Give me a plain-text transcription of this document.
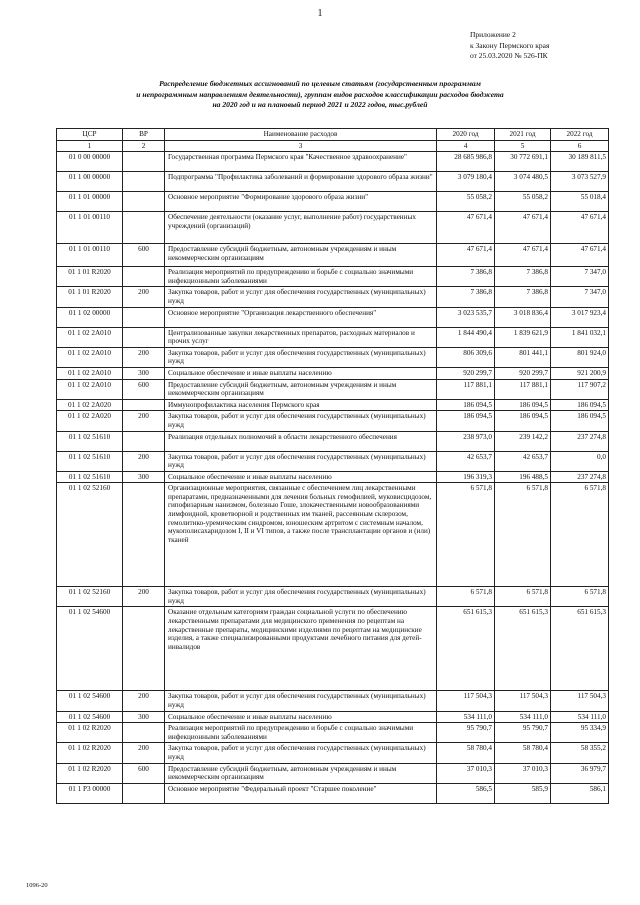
1
Приложение 2
к Закону Пермского края
от 25.03.2020 № 526-ПК
Распределение бюджетных ассигнований по целевым статьям (государственным программам
и непрограммным направлениям деятельности), группам видов расходов классификации расходов бюджета
на 2020 год и на плановый период 2021 и 2022 годов, тыс.рублей
ЦСР	ВР	Наименование расходов	2020 год	2021 год	2022 год
1	2	3	4	5	6
01 0 00 00000		Государственная программа Пермского края "Качественное здравоохранение"	28 685 986,8	30 772 691,1	30 189 811,5
01 1 00 00000		Подпрограмма "Профилактика заболеваний и формирование здорового образа жизни"	3 079 180,4	3 074 480,5	3 073 527,9
01 1 01 00000		Основное мероприятие "Формирование здорового образа жизни"	55 058,2	55 058,2	55 018,4
01 1 01 00110		Обеспечение деятельности (оказание услуг, выполнение работ) государственных учреждений (организаций)	47 671,4	47 671,4	47 671,4
01 1 01 00110	600	Предоставление субсидий бюджетным, автономным учреждениям и иным некоммерческим организациям	47 671,4	47 671,4	47 671,4
01 1 01 R2020		Реализация мероприятий по предупреждению и борьбе с социально значимыми инфекционными заболеваниями	7 386,8	7 386,8	7 347,0
01 1 01 R2020	200	Закупка товаров, работ и услуг для обеспечения государственных (муниципальных) нужд	7 386,8	7 386,8	7 347,0
01 1 02 00000		Основное мероприятие "Организация лекарственного обеспечения"	3 023 535,7	3 018 836,4	3 017 923,4
01 1 02 2A010		Централизованные закупки лекарственных препаратов, расходных материалов и прочих услуг	1 844 490,4	1 839 621,9	1 841 032,1
01 1 02 2A010	200	Закупка товаров, работ и услуг для обеспечения государственных (муниципальных) нужд	806 309,6	801 441,1	801 924,0
01 1 02 2A010	300	Социальное обеспечение и иные выплаты населению	920 299,7	920 299,7	921 200,9
01 1 02 2A010	600	Предоставление субсидий бюджетным, автономным учреждениям и иным некоммерческим организациям	117 881,1	117 881,1	117 907,2
01 1 02 2A020		Иммунопрофилактика населения Пермского края	186 094,5	186 094,5	186 094,5
01 1 02 2A020	200	Закупка товаров, работ и услуг для обеспечения государственных (муниципальных) нужд	186 094,5	186 094,5	186 094,5
01 1 02 51610		Реализация отдельных полномочий в области лекарственного обеспечения	238 973,0	239 142,2	237 274,8
01 1 02 51610	200	Закупка товаров, работ и услуг для обеспечения государственных (муниципальных) нужд	42 653,7	42 653,7	0,0
01 1 02 51610	300	Социальное обеспечение и иные выплаты населению	196 319,3	196 488,5	237 274,8
01 1 02 52160		Организационные мероприятия, связанные с обеспечением лиц лекарственными препаратами, предназначенными для лечения больных гемофилией, муковисцидозом, гипофизарным нанизмом, болезнью Гоше, злокачественными новообразованиями лимфоидной, кроветворной и родственных им тканей, рассеянным склерозом, гемолитико-уремическим синдромом, юношеским артритом с системным началом, мукополисахаридозом I, II и VI типов, а также после трансплантации органов и (или) тканей	6 571,8	6 571,8	6 571,8
01 1 02 52160	200	Закупка товаров, работ и услуг для обеспечения государственных (муниципальных) нужд	6 571,8	6 571,8	6 571,8
01 1 02 54600		Оказание отдельным категориям граждан социальной услуги по обеспечению лекарственными препаратами для медицинского применения по рецептам на лекарственные препараты, медицинскими изделиями по рецептам на медицинские изделия, а также специализированными продуктами лечебного питания для детей-инвалидов	651 615,3	651 615,3	651 615,3
01 1 02 54600	200	Закупка товаров, работ и услуг для обеспечения государственных (муниципальных) нужд	117 504,3	117 504,3	117 504,3
01 1 02 54600	300	Социальное обеспечение и иные выплаты населению	534 111,0	534 111,0	534 111,0
01 1 02 R2020		Реализация мероприятий по предупреждению и борьбе с социально значимыми инфекционными заболеваниями	95 790,7	95 790,7	95 334,9
01 1 02 R2020	200	Закупка товаров, работ и услуг для обеспечения государственных (муниципальных) нужд	58 780,4	58 780,4	58 355,2
01 1 02 R2020	600	Предоставление субсидий бюджетным, автономным учреждениям и иным некоммерческим организациям	37 010,3	37 010,3	36 979,7
01 1 P3 00000		Основное мероприятие "Федеральный проект "Старшее поколение"	586,5	585,9	586,1
1096-20
